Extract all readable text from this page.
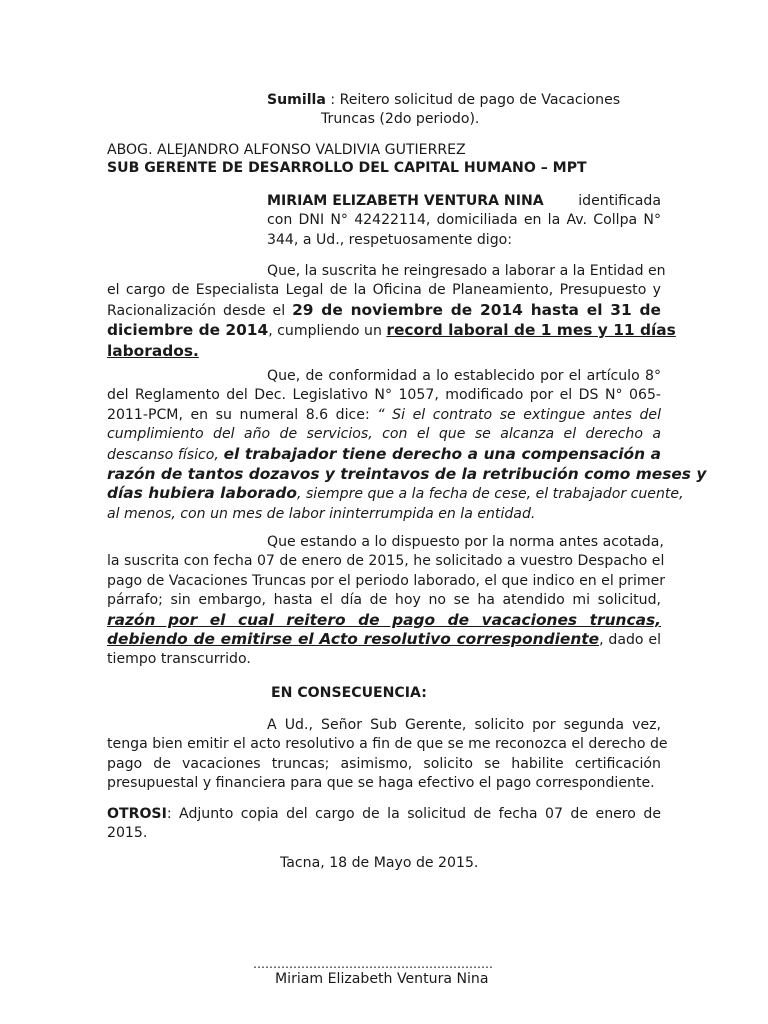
Sumilla : Reitero solicitud de pago de Vacaciones
Truncas (2do periodo).
ABOG. ALEJANDRO ALFONSO VALDIVIA GUTIERREZ
SUB GERENTE DE DESARROLLO DEL CAPITAL HUMANO – MPT
MIRIAM ELIZABETH VENTURA NINA identificada
con DNI N° 42422114, domiciliada en la Av. Collpa N°
344, a Ud., respetuosamente digo:
Que, la suscrita he reingresado a laborar a la Entidad en
el cargo de Especialista Legal de la Oficina de Planeamiento, Presupuesto y
Racionalización desde el 29 de noviembre de 2014 hasta el 31 de
diciembre de 2014, cumpliendo un record laboral de 1 mes y 11 días
laborados.
Que, de conformidad a lo establecido por el artículo 8°
del Reglamento del Dec. Legislativo N° 1057, modificado por el DS N° 065-
2011-PCM, en su numeral 8.6 dice: “ Si el contrato se extingue antes del
cumplimiento del año de servicios, con el que se alcanza el derecho a
descanso físico, el trabajador tiene derecho a una compensación a
razón de tantos dozavos y treintavos de la retribución como meses y
días hubiera laborado, siempre que a la fecha de cese, el trabajador cuente,
al menos, con un mes de labor ininterrumpida en la entidad.
Que estando a lo dispuesto por la norma antes acotada,
la suscrita con fecha 07 de enero de 2015, he solicitado a vuestro Despacho el
pago de Vacaciones Truncas por el periodo laborado, el que indico en el primer
párrafo; sin embargo, hasta el día de hoy no se ha atendido mi solicitud,
razón por el cual reitero de pago de vacaciones truncas,
debiendo de emitirse el Acto resolutivo correspondiente, dado el
tiempo transcurrido.
EN CONSECUENCIA:
A Ud., Señor Sub Gerente, solicito por segunda vez,
tenga bien emitir el acto resolutivo a fin de que se me reconozca el derecho de
pago de vacaciones truncas; asimismo, solicito se habilite certificación
presupuestal y financiera para que se haga efectivo el pago correspondiente.
OTROSI: Adjunto copia del cargo de la solicitud de fecha 07 de enero de
2015.
Tacna, 18 de Mayo de 2015.
……………………………………………………
Miriam Elizabeth Ventura Nina
